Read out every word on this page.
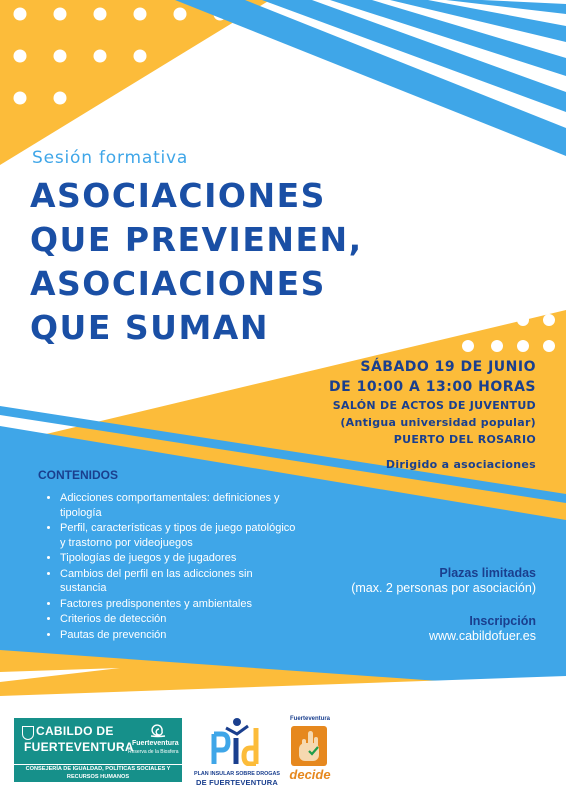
Sesión formativa
ASOCIACIONES
QUE PREVIENEN,
ASOCIACIONES
QUE SUMAN
SÁBADO 19 DE JUNIO
DE 10:00 A 13:00 HORAS
SALÓN DE ACTOS DE JUVENTUD
(Antigua universidad popular)
PUERTO DEL ROSARIO
Dirigido a asociaciones
CONTENIDOS
• Adicciones comportamentales: definiciones y tipología
• Perfil, características y tipos de juego patológico y trastorno por videojuegos
• Tipologías de juegos y de jugadores
• Cambios del perfil en las adicciones sin sustancia
• Factores predisponentes y ambientales
• Criterios de detección
• Pautas de prevención
Plazas limitadas
(max. 2 personas por asociación)
Inscripción
www.cabildofuer.es
CABILDO DE
FUERTEVENTURA
Fuerteventura
Reserva de la Biosfera
CONSEJERÍA DE IGUALDAD, POLÍTICAS SOCIALES Y RECURSOS HUMANOS	PLAN INSULAR SOBRE DROGAS
DE FUERTEVENTURA
Fuerteventura
decide
